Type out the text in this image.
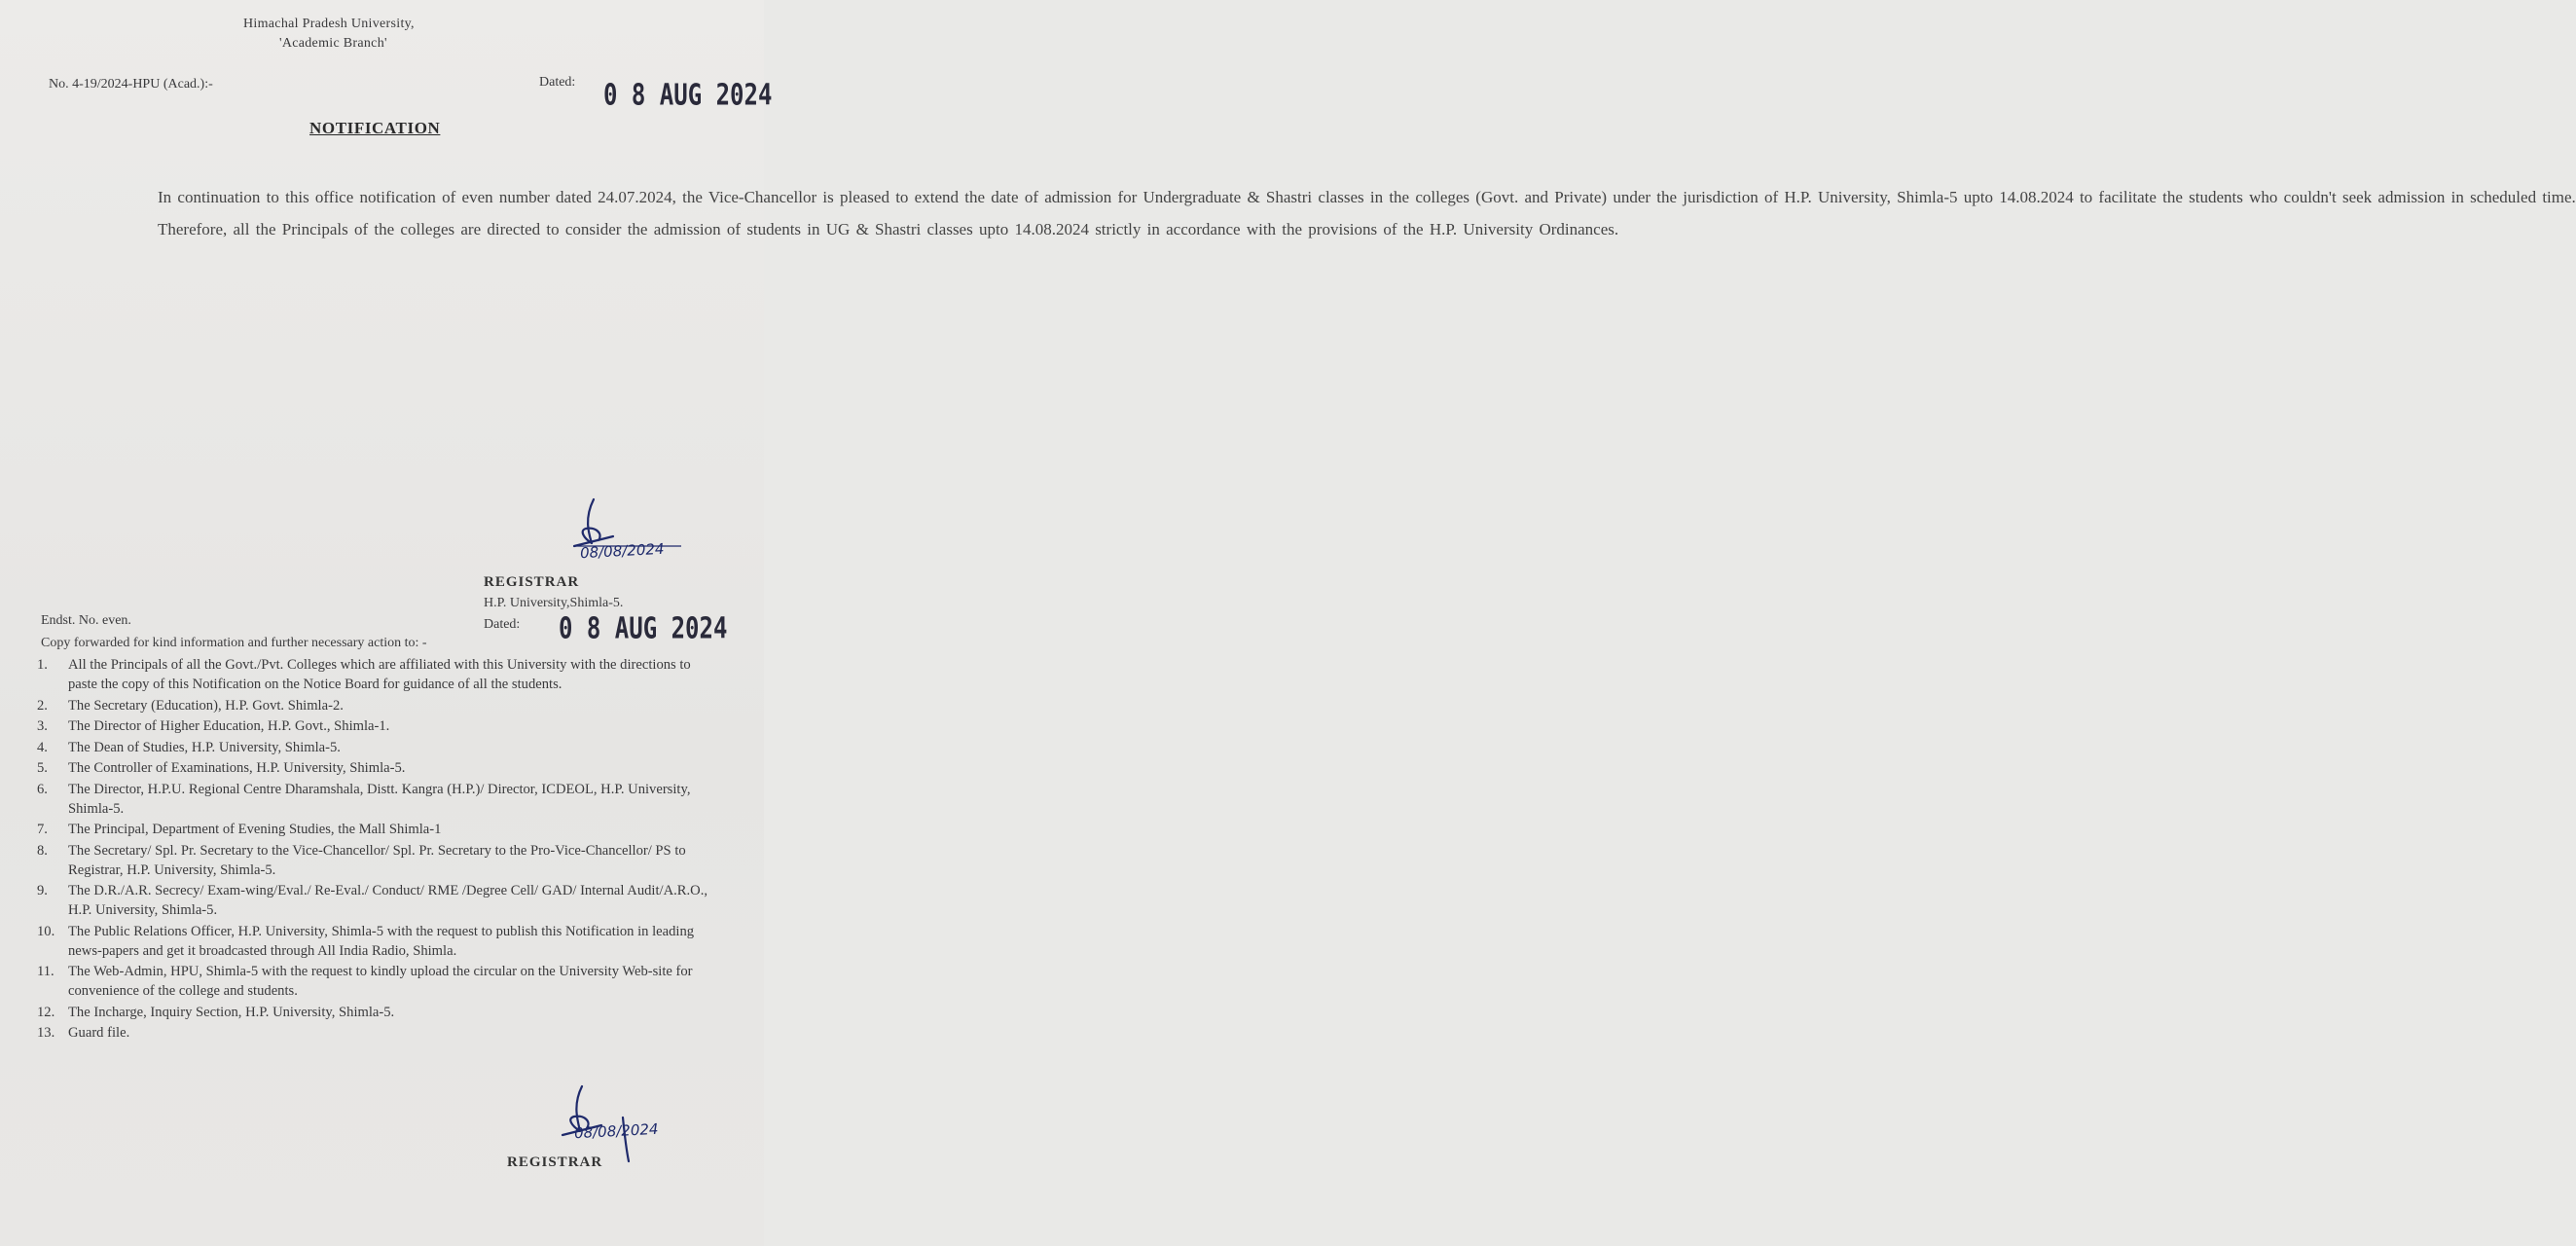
Himachal Pradesh University,
'Academic Branch'
No. 4-19/2024-HPU (Acad.):-	Dated: 0 8 AUG 2024
NOTIFICATION

In continuation to this office notification of even number dated 24.07.2024, the Vice-Chancellor is pleased to extend the date of admission for Undergraduate & Shastri classes in the colleges (Govt. and Private) under the jurisdiction of H.P. University, Shimla-5 upto 14.08.2024 to facilitate the students who couldn't seek admission in scheduled time.

Therefore, all the Principals of the colleges are directed to consider the admission of students in UG & Shastri classes upto 14.08.2024 strictly in accordance with the provisions of the H.P. University Ordinances.

08/08/2024
REGISTRAR
H.P. University,Shimla-5.
Dated: 0 8 AUG 2024
Endst. No. even.
Copy forwarded for kind information and further necessary action to: -
1. All the Principals of all the Govt./Pvt. Colleges which are affiliated with this University with the directions to paste the copy of this Notification on the Notice Board for guidance of all the students.
2. The Secretary (Education), H.P. Govt. Shimla-2.
3. The Director of Higher Education, H.P. Govt., Shimla-1.
4. The Dean of Studies, H.P. University, Shimla-5.
5. The Controller of Examinations, H.P. University, Shimla-5.
6. The Director, H.P.U. Regional Centre Dharamshala, Distt. Kangra (H.P.)/ Director, ICDEOL, H.P. University, Shimla-5.
7. The Principal, Department of Evening Studies, the Mall Shimla-1
8. The Secretary/ Spl. Pr. Secretary to the Vice-Chancellor/ Spl. Pr. Secretary to the Pro-Vice-Chancellor/ PS to Registrar, H.P. University, Shimla-5.
9. The D.R./A.R. Secrecy/ Exam-wing/Eval./ Re-Eval./ Conduct/ RME /Degree Cell/ GAD/ Internal Audit/A.R.O., H.P. University, Shimla-5.
10. The Public Relations Officer, H.P. University, Shimla-5 with the request to publish this Notification in leading news-papers and get it broadcasted through All India Radio, Shimla.
11. The Web-Admin, HPU, Shimla-5 with the request to kindly upload the circular on the University Web-site for convenience of the college and students.
12. The Incharge, Inquiry Section, H.P. University, Shimla-5.
13. Guard file.
08/08/2024
REGISTRAR
